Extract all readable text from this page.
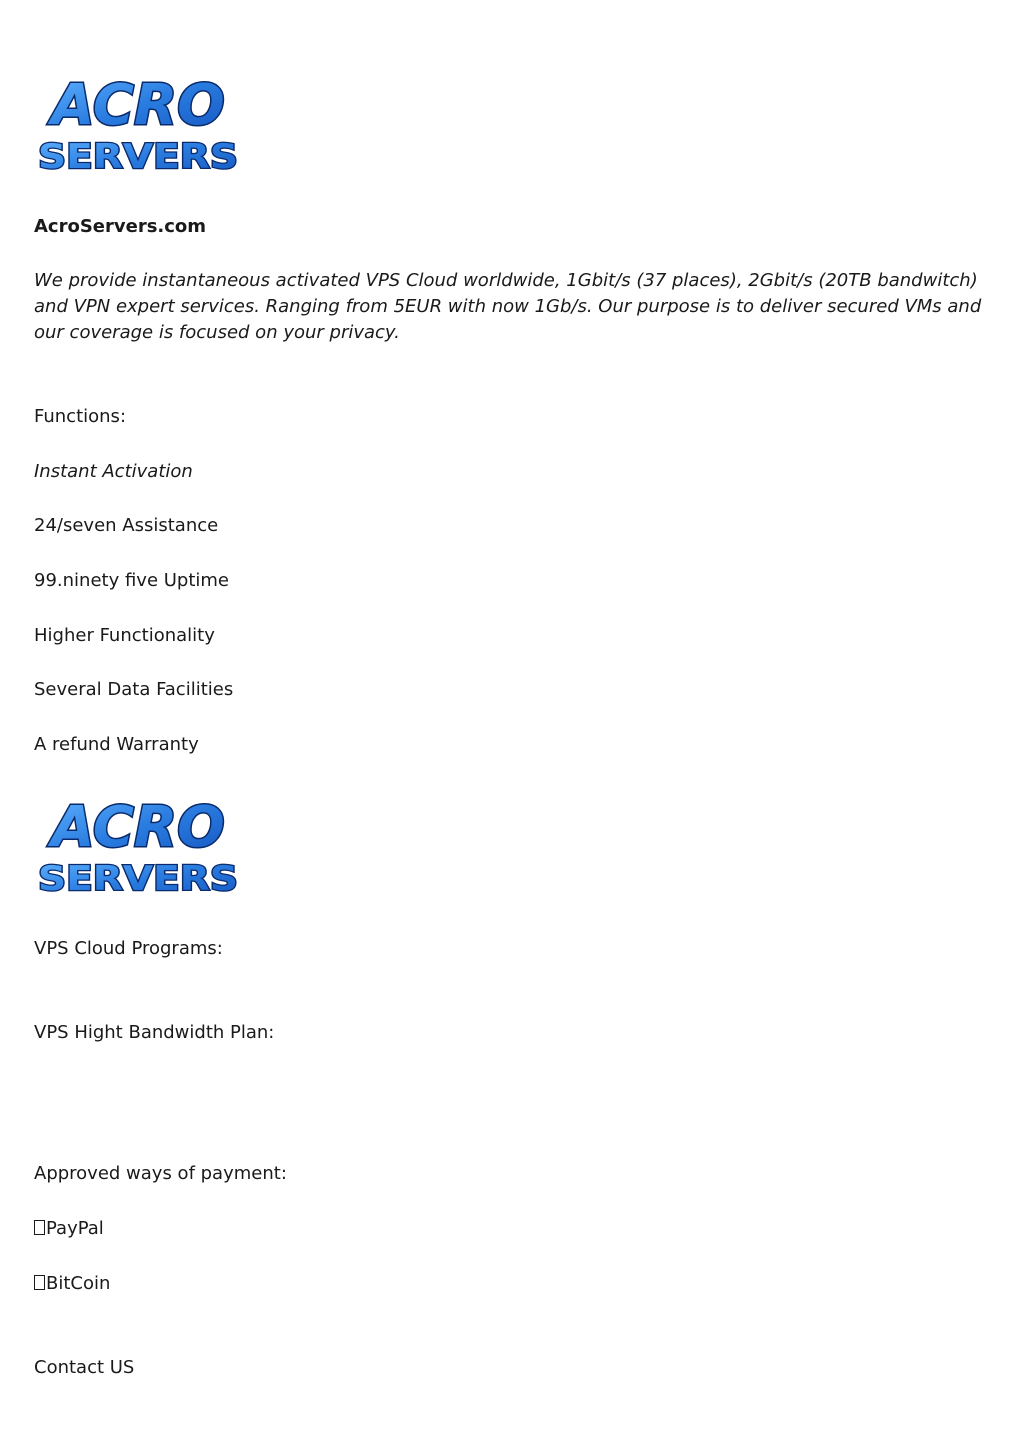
ACRO
SERVERS
AcroServers.com
We provide instantaneous activated VPS Cloud worldwide, 1Gbit/s (37 places), 2Gbit/s (20TB bandwitch) and VPN expert services. Ranging from 5EUR with now 1Gb/s. Our purpose is to deliver secured VMs and our coverage is focused on your privacy.
Functions:
Instant Activation
24/seven Assistance
99.ninety five Uptime
Higher Functionality
Several Data Facilities
A refund Warranty
ACRO
SERVERS
VPS Cloud Programs:
VPS Hight Bandwidth Plan:
Approved ways of payment:
PayPal
BitCoin
Contact US
